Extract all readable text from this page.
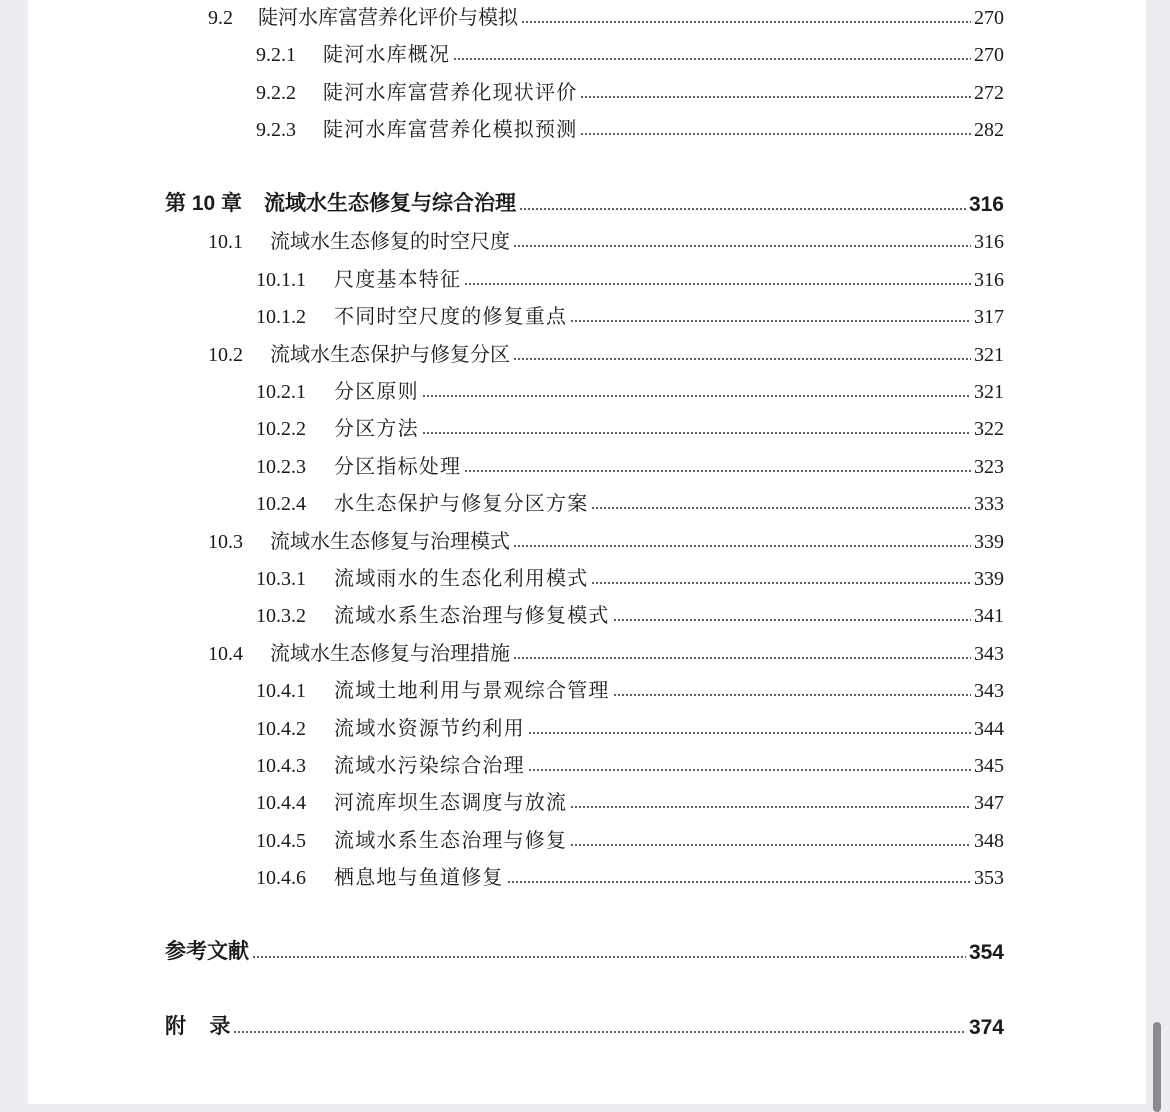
9.2	陡河水库富营养化评价与模拟	270
9.2.1	陡河水库概况	270
9.2.2	陡河水库富营养化现状评价	272
9.2.3	陡河水库富营养化模拟预测	282
第 10 章 流域水生态修复与综合治理	316
10.1	流域水生态修复的时空尺度	316
10.1.1	尺度基本特征	316
10.1.2	不同时空尺度的修复重点	317
10.2	流域水生态保护与修复分区	321
10.2.1	分区原则	321
10.2.2	分区方法	322
10.2.3	分区指标处理	323
10.2.4	水生态保护与修复分区方案	333
10.3	流域水生态修复与治理模式	339
10.3.1	流域雨水的生态化利用模式	339
10.3.2	流域水系生态治理与修复模式	341
10.4	流域水生态修复与治理措施	343
10.4.1	流域土地利用与景观综合管理	343
10.4.2	流域水资源节约利用	344
10.4.3	流域水污染综合治理	345
10.4.4	河流库坝生态调度与放流	347
10.4.5	流域水系生态治理与修复	348
10.4.6	栖息地与鱼道修复	353
参考文献	354
附    录	374
